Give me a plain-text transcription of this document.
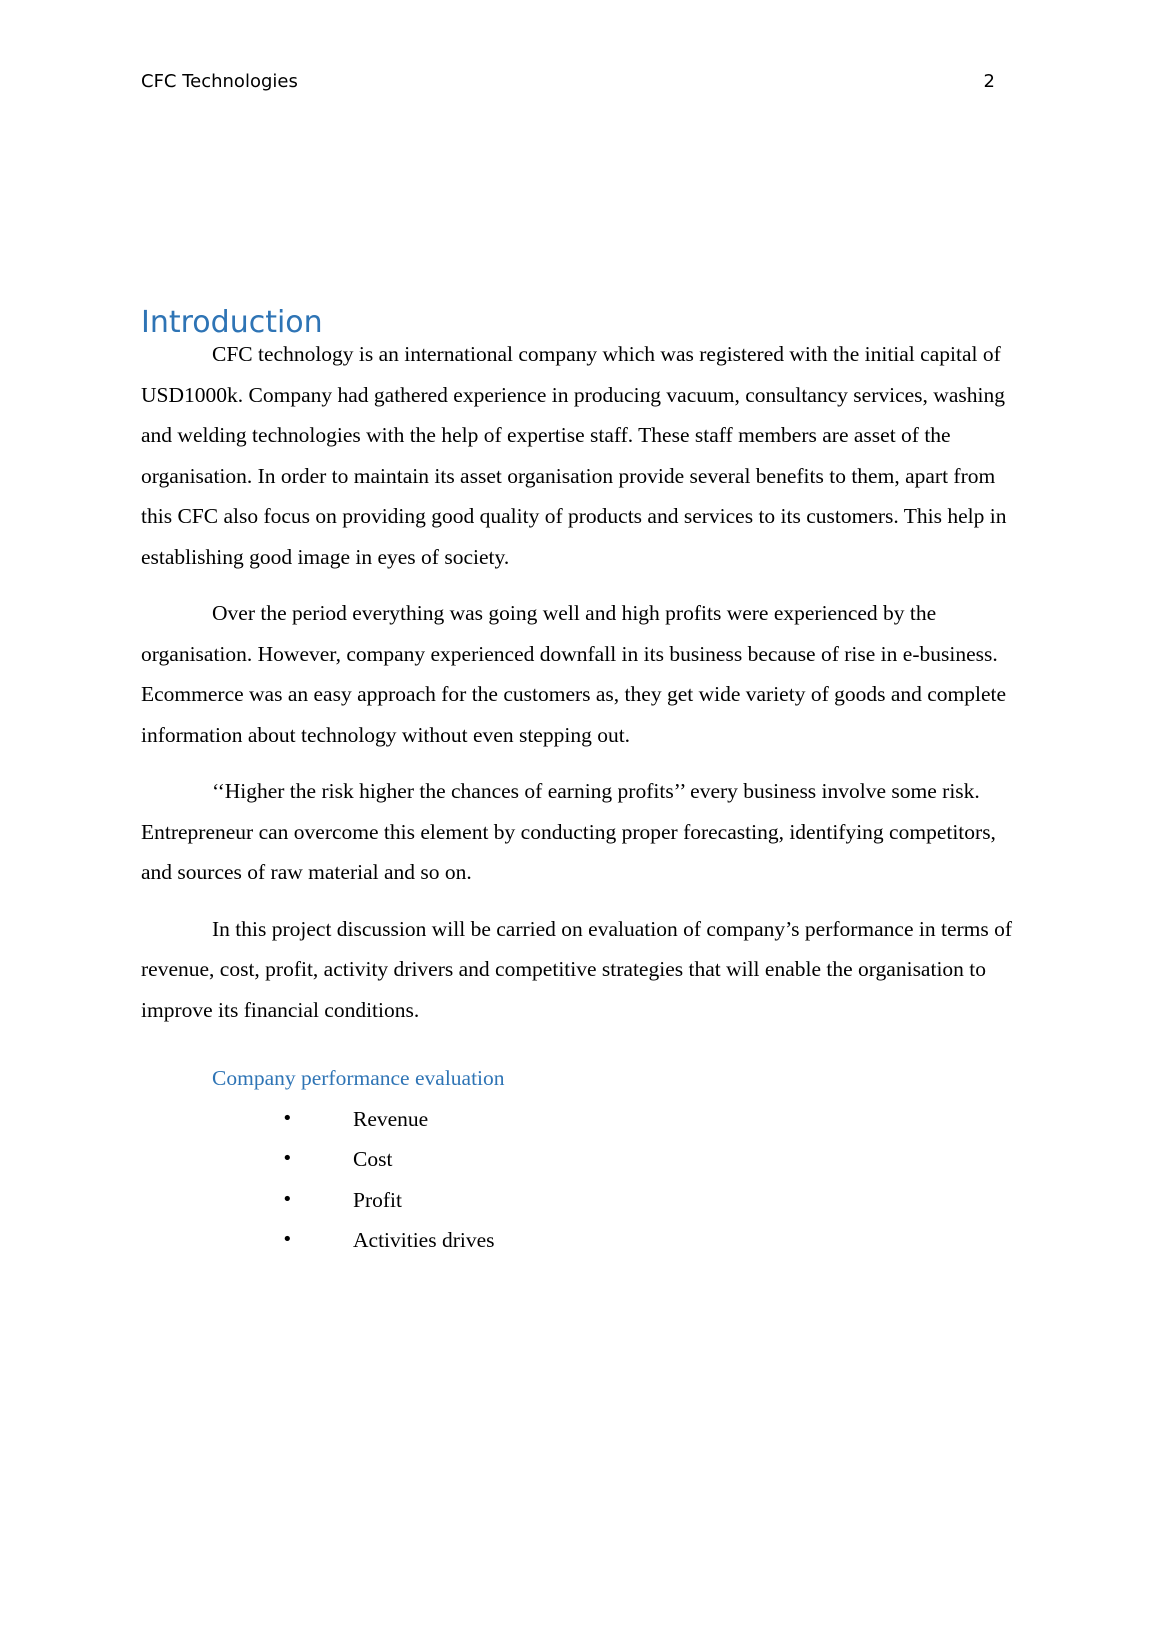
CFC Technologies	2
Introduction

CFC technology is an international company which was registered with the initial capital of USD1000k. Company had gathered experience in producing vacuum, consultancy services, washing and welding technologies with the help of expertise staff. These staff members are asset of the organisation. In order to maintain its asset organisation provide several benefits to them, apart from this CFC also focus on providing good quality of products and services to its customers. This help in establishing good image in eyes of society.

Over the period everything was going well and high profits were experienced by the organisation. However, company experienced downfall in its business because of rise in e-business. Ecommerce was an easy approach for the customers as, they get wide variety of goods and complete information about technology without even stepping out.

‘‘Higher the risk higher the chances of earning profits’’ every business involve some risk. Entrepreneur can overcome this element by conducting proper forecasting, identifying competitors, and sources of raw material and so on.

In this project discussion will be carried on evaluation of company’s performance in terms of revenue, cost, profit, activity drivers and competitive strategies that will enable the organisation to improve its financial conditions.

Company performance evaluation
•	Revenue
•	Cost
•	Profit
•	Activities drives
